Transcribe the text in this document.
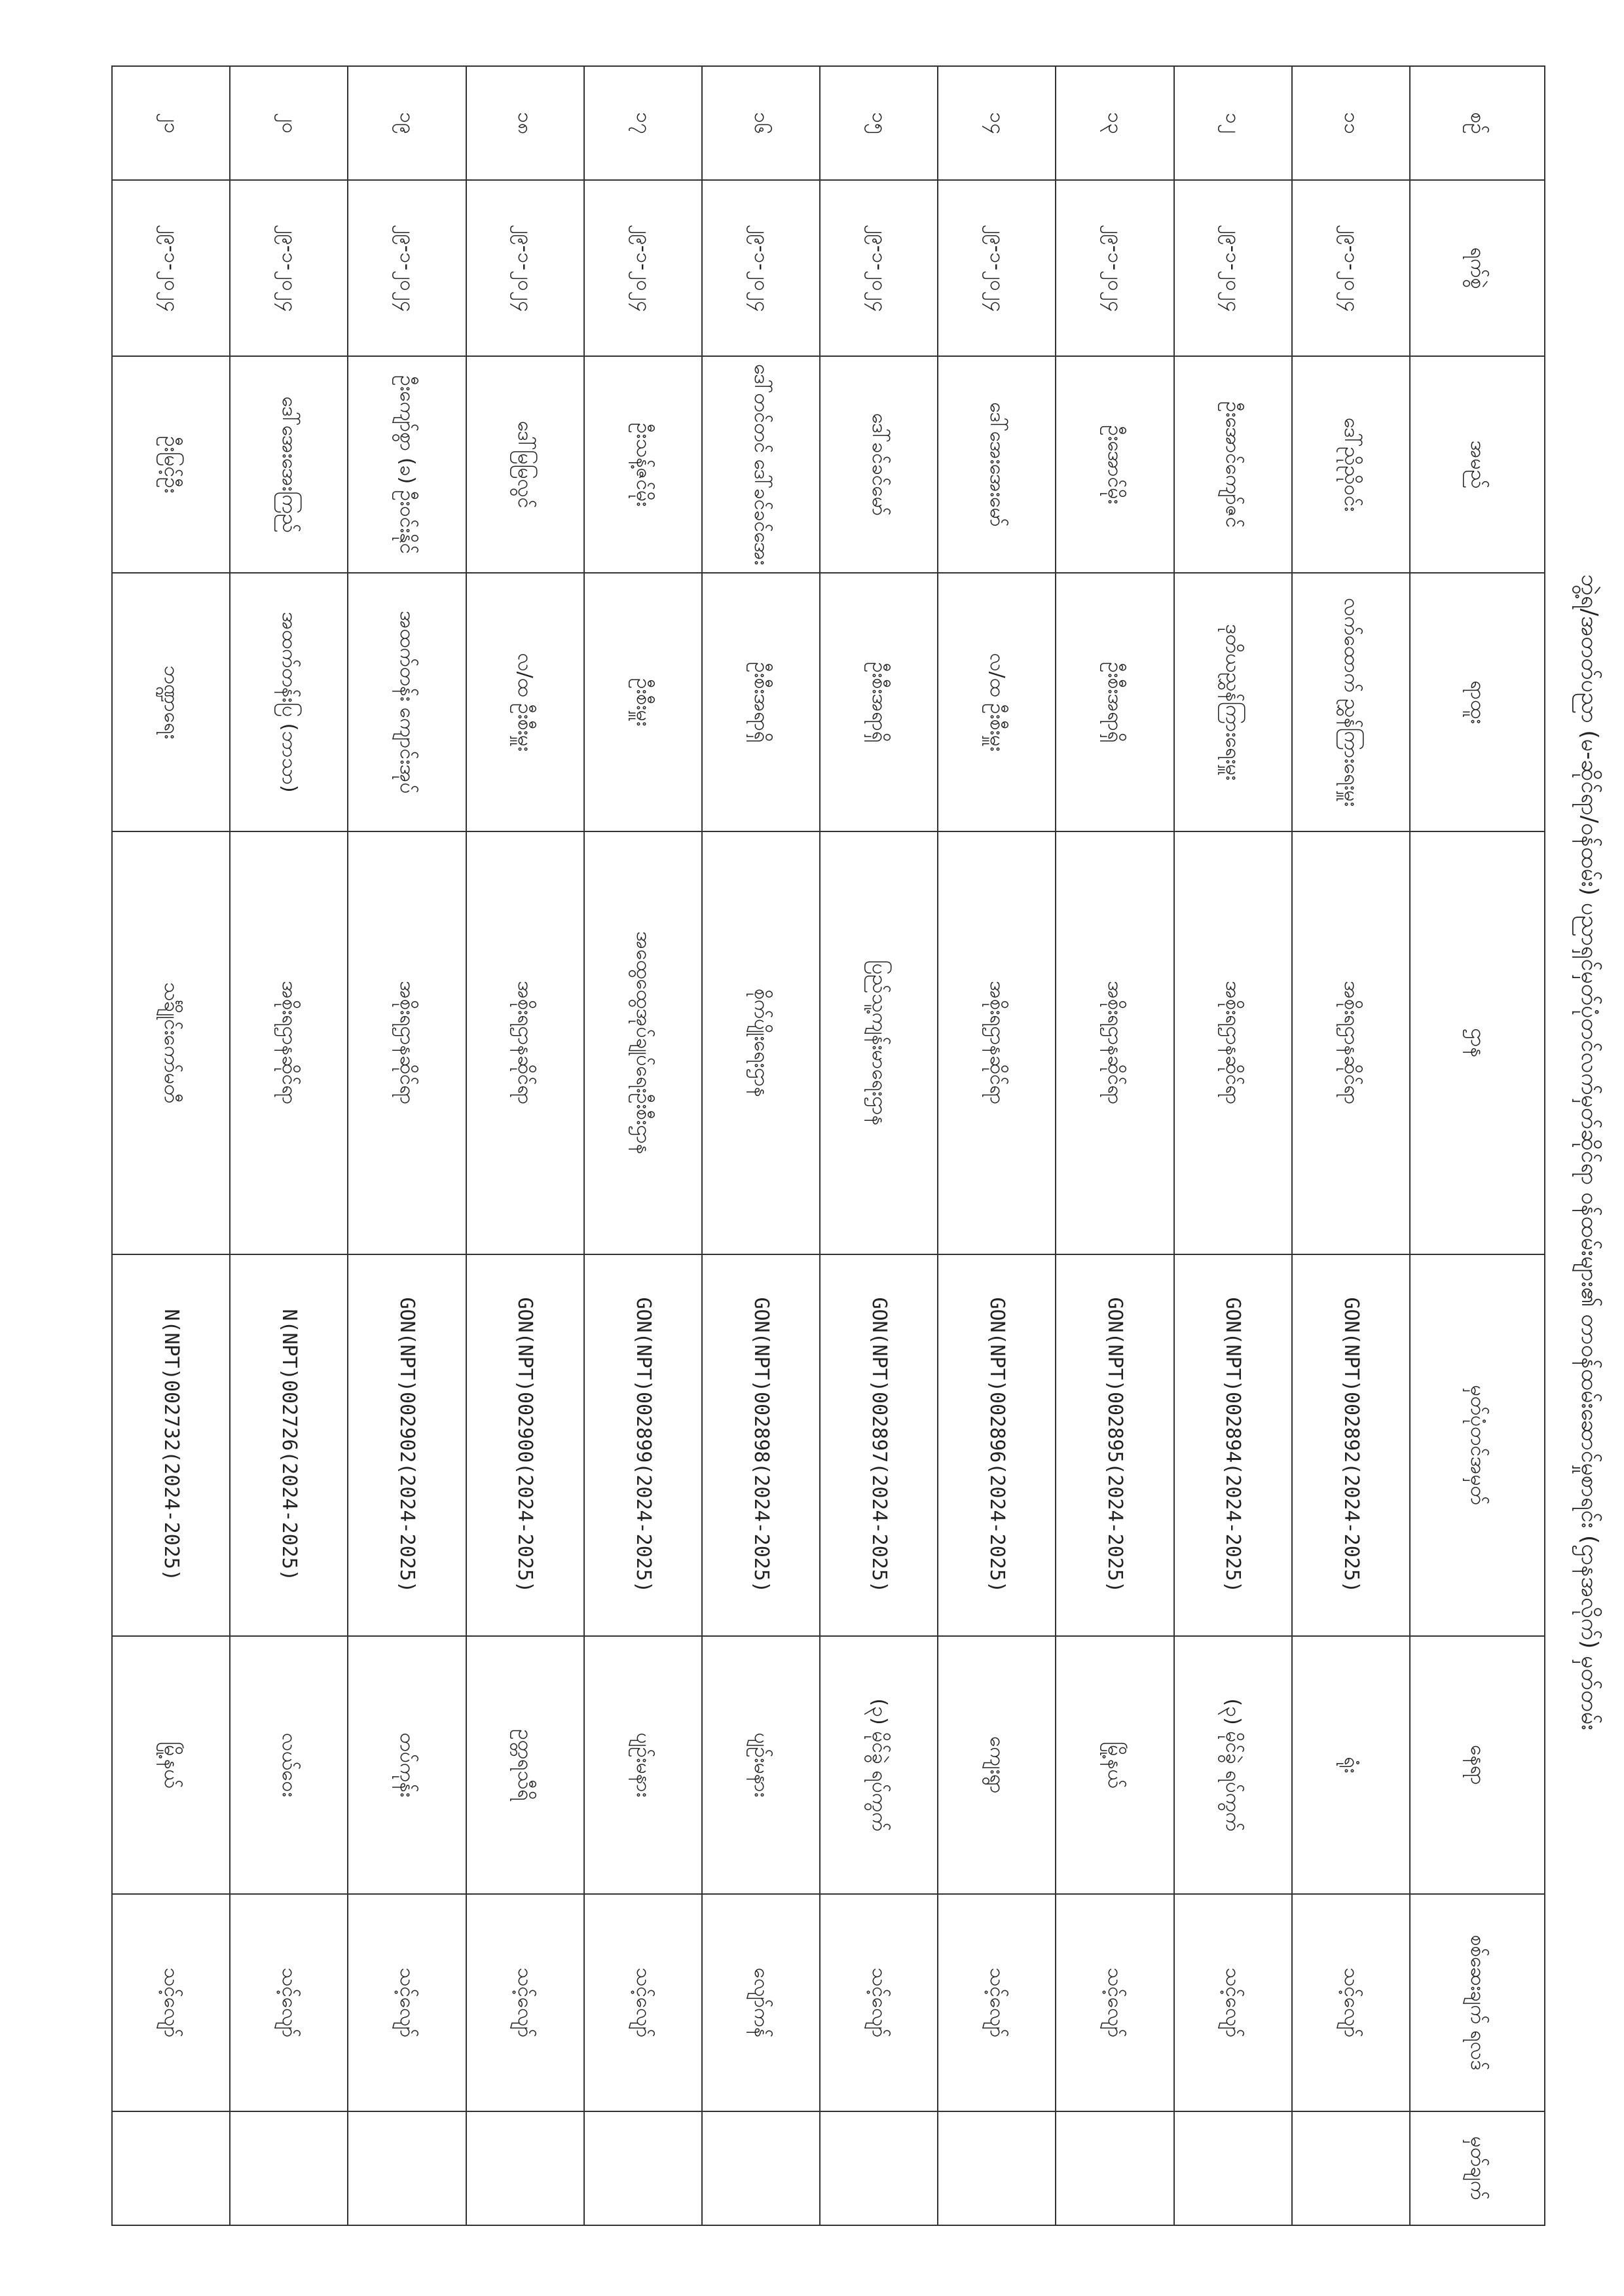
ဘွဲ့ရ/အတတ်ပညာ (မ-ဆိုင်ရာ/ဝန်ထမ်း) ပညာရှင်မှတ်ပုံတင်လက်မှတ်ဆိုင်ရာ ဝန်ထမ်းများ၏ တာဝန်ထမ်းဆောင်မှုစာရင်း (ဌာနအလိုက်) မှတ်တမ်း
စဉ်	ရက်စွဲ	အမည်	ရာထူး	ဌာန	မှတ်ပုံတင်အမှတ်	နေရာ	စစ်ဆေးချက် ရလဒ်	မှတ်ချက်
၁၁	၂၉-၁-၂၀၂၄	ဒေါ်ညိုညိုဝင်း	လက်ထောက် ညွှန်ကြားရေးမှူး	အစိုးရဌာနဆိုင်ရာ	GON(NPT)002892(2024-2025)	ရုံး	သင့်လျော်	
၁၂	၂၉-၁-၂၀၂၄	ဦးအောင်ကျော်ဇင်	ဒုတိယညွှန်ကြားရေးမှူး	အစိုးရဌာနဆိုင်ရာ	GON(NPT)002894(2024-2025)	(၃) မိုင်ခွဲ ရပ်ကွက်	သင့်လျော်	
၁၃	၂၉-၁-၂၀၂၄	ဦးအောင်မိုး	ဦးစီးအရာရှိ	အစိုးရဌာနဆိုင်ရာ	GON(NPT)002895(2024-2025)	မြို့နယ်	သင့်လျော်	
၁၄	၂၉-၁-၂၀၂၄	ဒေါ်အေးအေးမော်	လ/ထ ဦးစီးမှူး	အစိုးရဌာနဆိုင်ရာ	GON(NPT)002896(2024-2025)	ကျေးရွာ	သင့်လျော်	
၁၅	၂၉-၁-၂၀၂၄	ဒေါ်ခင်ခင်မော်	ဦးစီးအရာရှိ	ပြည်သူ့ကျန်းမာရေးဌာန	GON(NPT)002897(2024-2025)	(၃) မိုင်ခွဲ ရပ်ကွက်	သင့်လျော်	
၁၆	၂၉-၁-၂၀၂၄	ဒေါ်တင်တင် ဒေါ်ခင်ခင်အေး	ဦးစီးအရာရှိ	စိုက်ပျိုးရေးဌာန	GON(NPT)002898(2024-2025)	ပျဉ်းမနား	လျော်ကန်	
၁၇	၂၉-၁-၂၀၂၄	ဦးသန့်ဇင်မိုး	ဦးစီးမှူး	အထွေထွေအုပ်ချုပ်ရေးဦးစီးဌာန	GON(NPT)002899(2024-2025)	ပျဉ်းမနား	သင့်လျော်	
၁၈	၂၉-၁-၂၀၂၄	ဒေါ်မြမြလွင်	လ/ထ ဦးစီးမှူး	အစိုးရဌာနဆိုင်ရာ	GON(NPT)002900(2024-2025)	ဥတ္တရသီရိ	သင့်လျော်	
၁၉	၂၉-၁-၂၀၂၄	ဦးကျော်စွာ (ခ) ဦးဝင်းနိုင်	အထက်တန်း ကျောင်းအုပ်	အစိုးရဌာနဆိုင်ရာ	GON(NPT)002902(2024-2025)	တပ်ကုန်း	သင့်လျော်	
၂၀	၂၉-၁-၂၀၂၄	ဒေါ်အေးအေးကြည်	အထက်တန်းပြ (ဘာသာ)	အစိုးရဌာနဆိုင်ရာ	N(NPT)002726(2024-2025)	လယ်ဝေး	သင့်လျော်	
၂၁	၂၉-၁-၂၀၂၄	ဦးမြင့်ဦး	ဘဏ္ဍာရေး	သင်္ချိုင်းကော်မတီ	N(NPT)002732(2024-2025)	မြို့နယ်	သင့်လျော်	
